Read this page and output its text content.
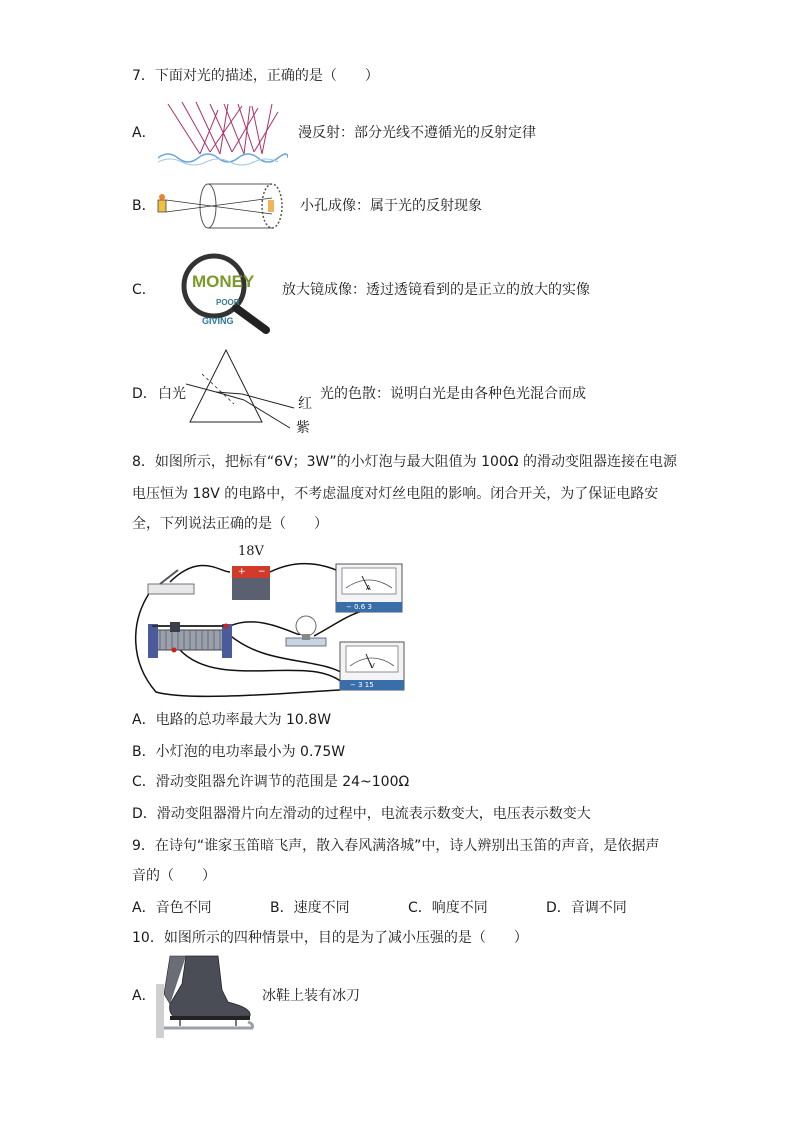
7．下面对光的描述，正确的是（　　）
A．	漫反射：部分光线不遵循光的反射定律
B．	小孔成像：属于光的反射现象
C． MONEY
POOR
GIVING
放大镜成像：透过透镜看到的是正立的放大的实像
D． 白光
红
紫
光的色散：说明白光是由各种色光混合而成
8．如图所示，把标有“6V；3W”的小灯泡与最大阻值为 100Ω 的滑动变阻器连接在电源
电压恒为 18V 的电路中，不考虑温度对灯丝电阻的影响。闭合开关，为了保证电路安
全，下列说法正确的是（　　）
18V
+ −
A
− 0.6 3
V
− 3 15
A．电路的总功率最大为 10.8W
B．小灯泡的电功率最小为 0.75W
C．滑动变阻器允许调节的范围是 24~100Ω
D．滑动变阻器滑片向左滑动的过程中，电流表示数变大，电压表示数变大
9．在诗句“谁家玉笛暗飞声，散入春风满洛城”中，诗人辨别出玉笛的声音，是依据声
音的（　　）
A．音色不同	B．速度不同	C．响度不同	D．音调不同
10．如图所示的四种情景中，目的是为了减小压强的是（　　）
A．	冰鞋上装有冰刀
